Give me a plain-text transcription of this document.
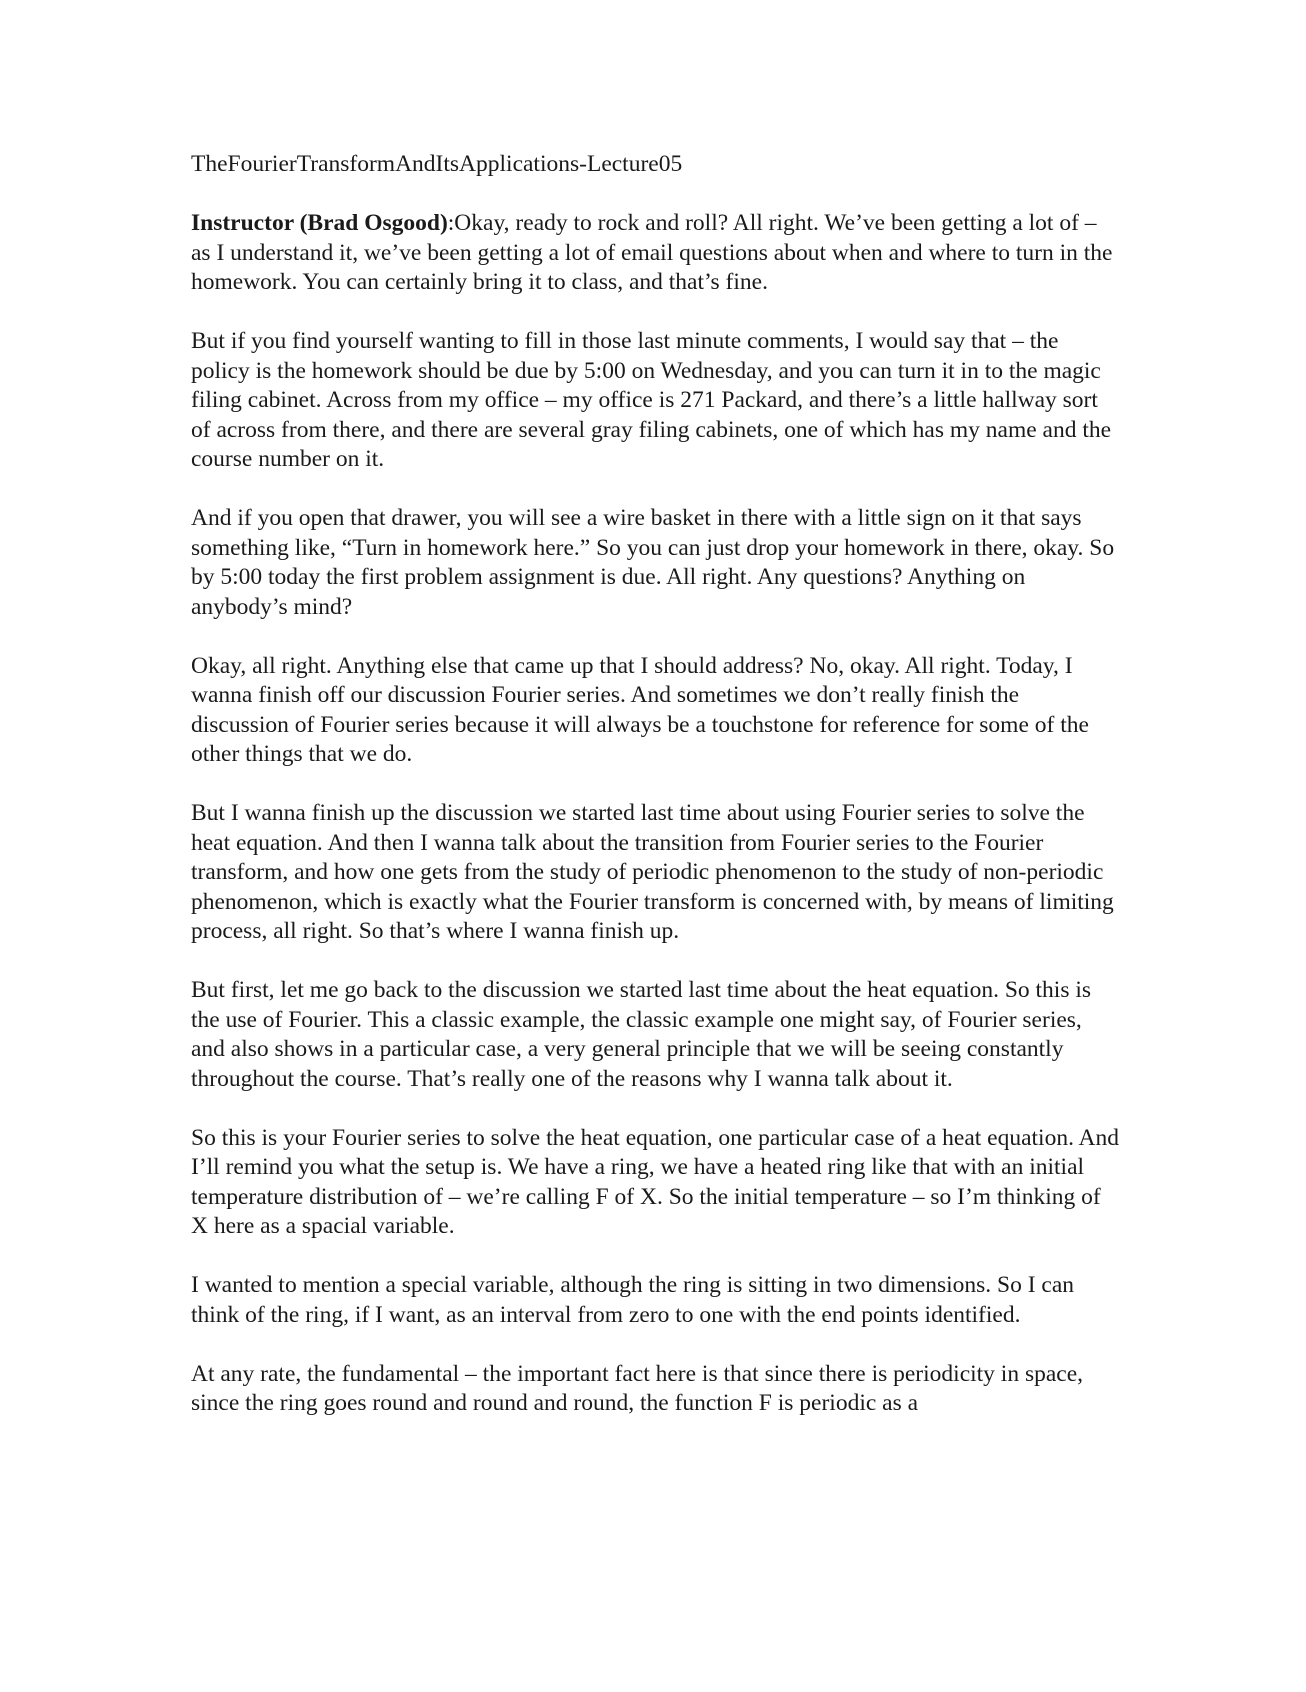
TheFourierTransformAndItsApplications-Lecture05

Instructor (Brad Osgood):Okay, ready to rock and roll? All right. We’ve been getting a lot of – as I understand it, we’ve been getting a lot of email questions about when and where to turn in the homework. You can certainly bring it to class, and that’s fine.

But if you find yourself wanting to fill in those last minute comments, I would say that – the policy is the homework should be due by 5:00 on Wednesday, and you can turn it in to the magic filing cabinet. Across from my office – my office is 271 Packard, and there’s a little hallway sort of across from there, and there are several gray filing cabinets, one of which has my name and the course number on it.

And if you open that drawer, you will see a wire basket in there with a little sign on it that says something like, “Turn in homework here.” So you can just drop your homework in there, okay. So by 5:00 today the first problem assignment is due. All right. Any questions? Anything on anybody’s mind?

Okay, all right. Anything else that came up that I should address? No, okay. All right. Today, I wanna finish off our discussion Fourier series. And sometimes we don’t really finish the discussion of Fourier series because it will always be a touchstone for reference for some of the other things that we do.

But I wanna finish up the discussion we started last time about using Fourier series to solve the heat equation. And then I wanna talk about the transition from Fourier series to the Fourier transform, and how one gets from the study of periodic phenomenon to the study of non-periodic phenomenon, which is exactly what the Fourier transform is concerned with, by means of limiting process, all right. So that’s where I wanna finish up.

But first, let me go back to the discussion we started last time about the heat equation. So this is the use of Fourier. This a classic example, the classic example one might say, of Fourier series, and also shows in a particular case, a very general principle that we will be seeing constantly throughout the course. That’s really one of the reasons why I wanna talk about it.

So this is your Fourier series to solve the heat equation, one particular case of a heat equation. And I’ll remind you what the setup is. We have a ring, we have a heated ring like that with an initial temperature distribution of – we’re calling F of X. So the initial temperature – so I’m thinking of X here as a spacial variable.

I wanted to mention a special variable, although the ring is sitting in two dimensions. So I can think of the ring, if I want, as an interval from zero to one with the end points identified.

At any rate, the fundamental – the important fact here is that since there is periodicity in space, since the ring goes round and round and round, the function F is periodic as a
